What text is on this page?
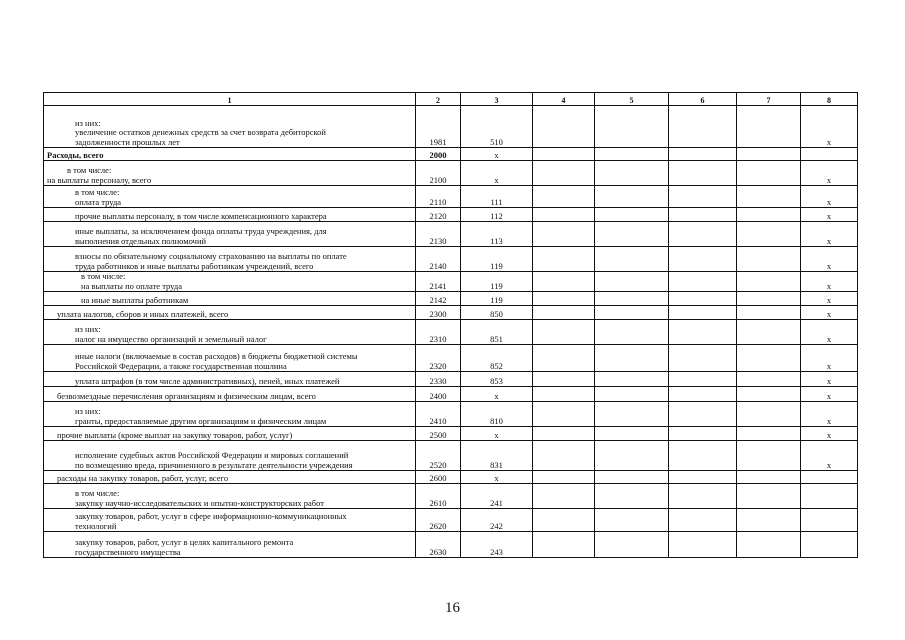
1	2	3	4	5	6	7	8

из них:
увеличение остатков денежных средств за счет возврата дебиторской
задолженности прошлых лет	1981	510					x

Расходы, всего	2000	x					

в том числе:
на выплаты персоналу, всего	2100	x					x

в том числе:
оплата труда	2110	111					x

прочие выплаты персоналу, в том числе компенсационного характера	2120	112					x

иные выплаты, за исключением фонда оплаты труда учреждения, для
выполнения отдельных полномочий	2130	113					x

взносы по обязательному социальному страхованию на выплаты по оплате
труда работников и иные выплаты работникам учреждений, всего	2140	119					x

в том числе:
на выплаты по оплате труда	2141	119					x

на иные выплаты работникам	2142	119					x

уплата налогов, сборов и иных платежей, всего	2300	850					x

из них:
налог на имущество организаций и земельный налог	2310	851					x

иные налоги (включаемые в состав расходов) в бюджеты бюджетной системы
Российской Федерации, а также государственная пошлина	2320	852					x

уплата штрафов (в том числе административных), пеней, иных платежей	2330	853					x

безвозмездные перечисления организациям и физическим лицам, всего	2400	x					x

из них:
гранты, предоставляемые другим организациям и физическим лицам	2410	810					x

прочие выплаты (кроме выплат на закупку товаров, работ, услуг)	2500	x					x

исполнение судебных актов Российской Федерации и мировых соглашений
по возмещению вреда, причиненного в результате деятельности учреждения	2520	831					x

расходы на закупку товаров, работ, услуг, всего	2600	x					

в том числе:
закупку научно-исследовательских и опытно-конструкторских работ	2610	241					

закупку товаров, работ, услуг в сфере информационно-коммуникационных
технологий	2620	242					

закупку товаров, работ, услуг в целях капитального ремонта
государственного имущества	2630	243					
16
